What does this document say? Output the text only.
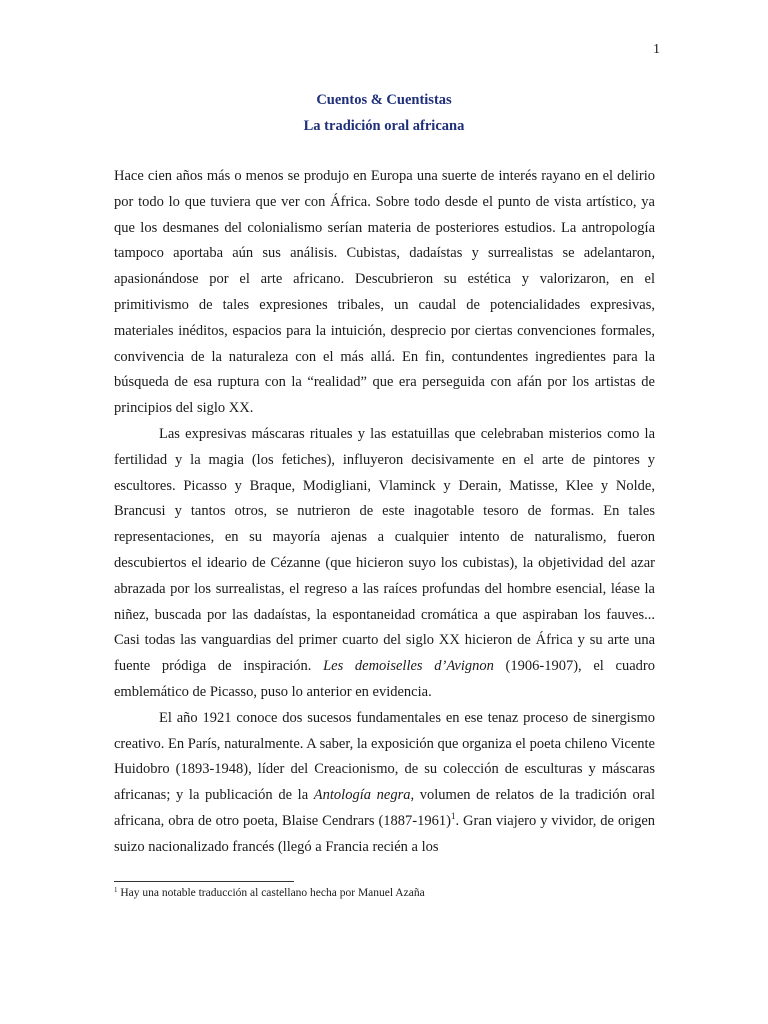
1
Cuentos & Cuentistas
La tradición oral africana

Hace cien años más o menos se produjo en Europa una suerte de interés rayano en el delirio por todo lo que tuviera que ver con África. Sobre todo desde el punto de vista artístico, ya que los desmanes del colonialismo serían materia de posteriores estudios. La antropología tampoco aportaba aún sus análisis. Cubistas, dadaístas y surrealistas se adelantaron, apasionándose por el arte africano. Descubrieron su estética y valorizaron, en el primitivismo de tales expresiones tribales, un caudal de potencialidades expresivas, materiales inéditos, espacios para la intuición, desprecio por ciertas convenciones formales, convivencia de la naturaleza con el más allá. En fin, contundentes ingredientes para la búsqueda de esa ruptura con la “realidad” que era perseguida con afán por los artistas de principios del siglo XX.

Las expresivas máscaras rituales y las estatuillas que celebraban misterios como la fertilidad y la magia (los fetiches), influyeron decisivamente en el arte de pintores y escultores. Picasso y Braque, Modigliani, Vlaminck y Derain, Matisse, Klee y Nolde, Brancusi y tantos otros, se nutrieron de este inagotable tesoro de formas. En tales representaciones, en su mayoría ajenas a cualquier intento de naturalismo, fueron descubiertos el ideario de Cézanne (que hicieron suyo los cubistas), la objetividad del azar abrazada por los surrealistas, el regreso a las raíces profundas del hombre esencial, léase la niñez, buscada por las dadaístas, la espontaneidad cromática a que aspiraban los fauves... Casi todas las vanguardias del primer cuarto del siglo XX hicieron de África y su arte una fuente pródiga de inspiración. Les demoiselles d’Avignon (1906-1907), el cuadro emblemático de Picasso, puso lo anterior en evidencia.

El año 1921 conoce dos sucesos fundamentales en ese tenaz proceso de sinergismo creativo. En París, naturalmente. A saber, la exposición que organiza el poeta chileno Vicente Huidobro (1893-1948), líder del Creacionismo, de su colección de esculturas y máscaras africanas; y la publicación de la Antología negra, volumen de relatos de la tradición oral africana, obra de otro poeta, Blaise Cendrars (1887-1961)$^1$. Gran viajero y vividor, de origen suizo nacionalizado francés (llegó a Francia recién a los

$^1$ Hay una notable traducción al castellano hecha por Manuel Azaña
